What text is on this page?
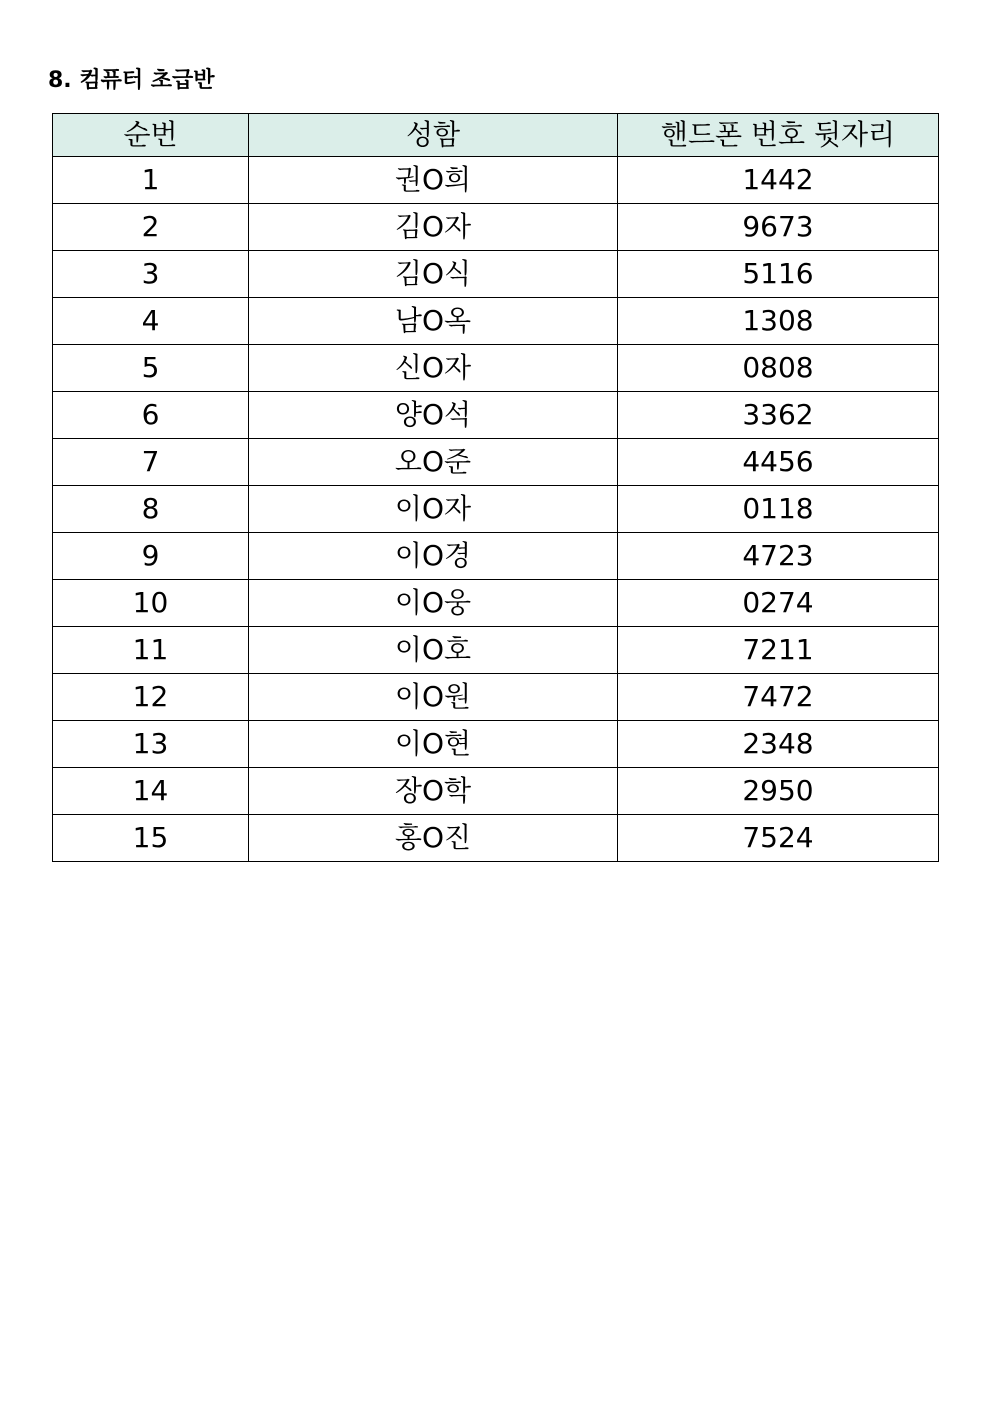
8. 컴퓨터 초급반
순번	성함	핸드폰 번호 뒷자리
1	권O희	1442
2	김O자	9673
3	김O식	5116
4	남O옥	1308
5	신O자	0808
6	양O석	3362
7	오O준	4456
8	이O자	0118
9	이O경	4723
10	이O웅	0274
11	이O호	7211
12	이O원	7472
13	이O현	2348
14	장O학	2950
15	홍O진	7524
